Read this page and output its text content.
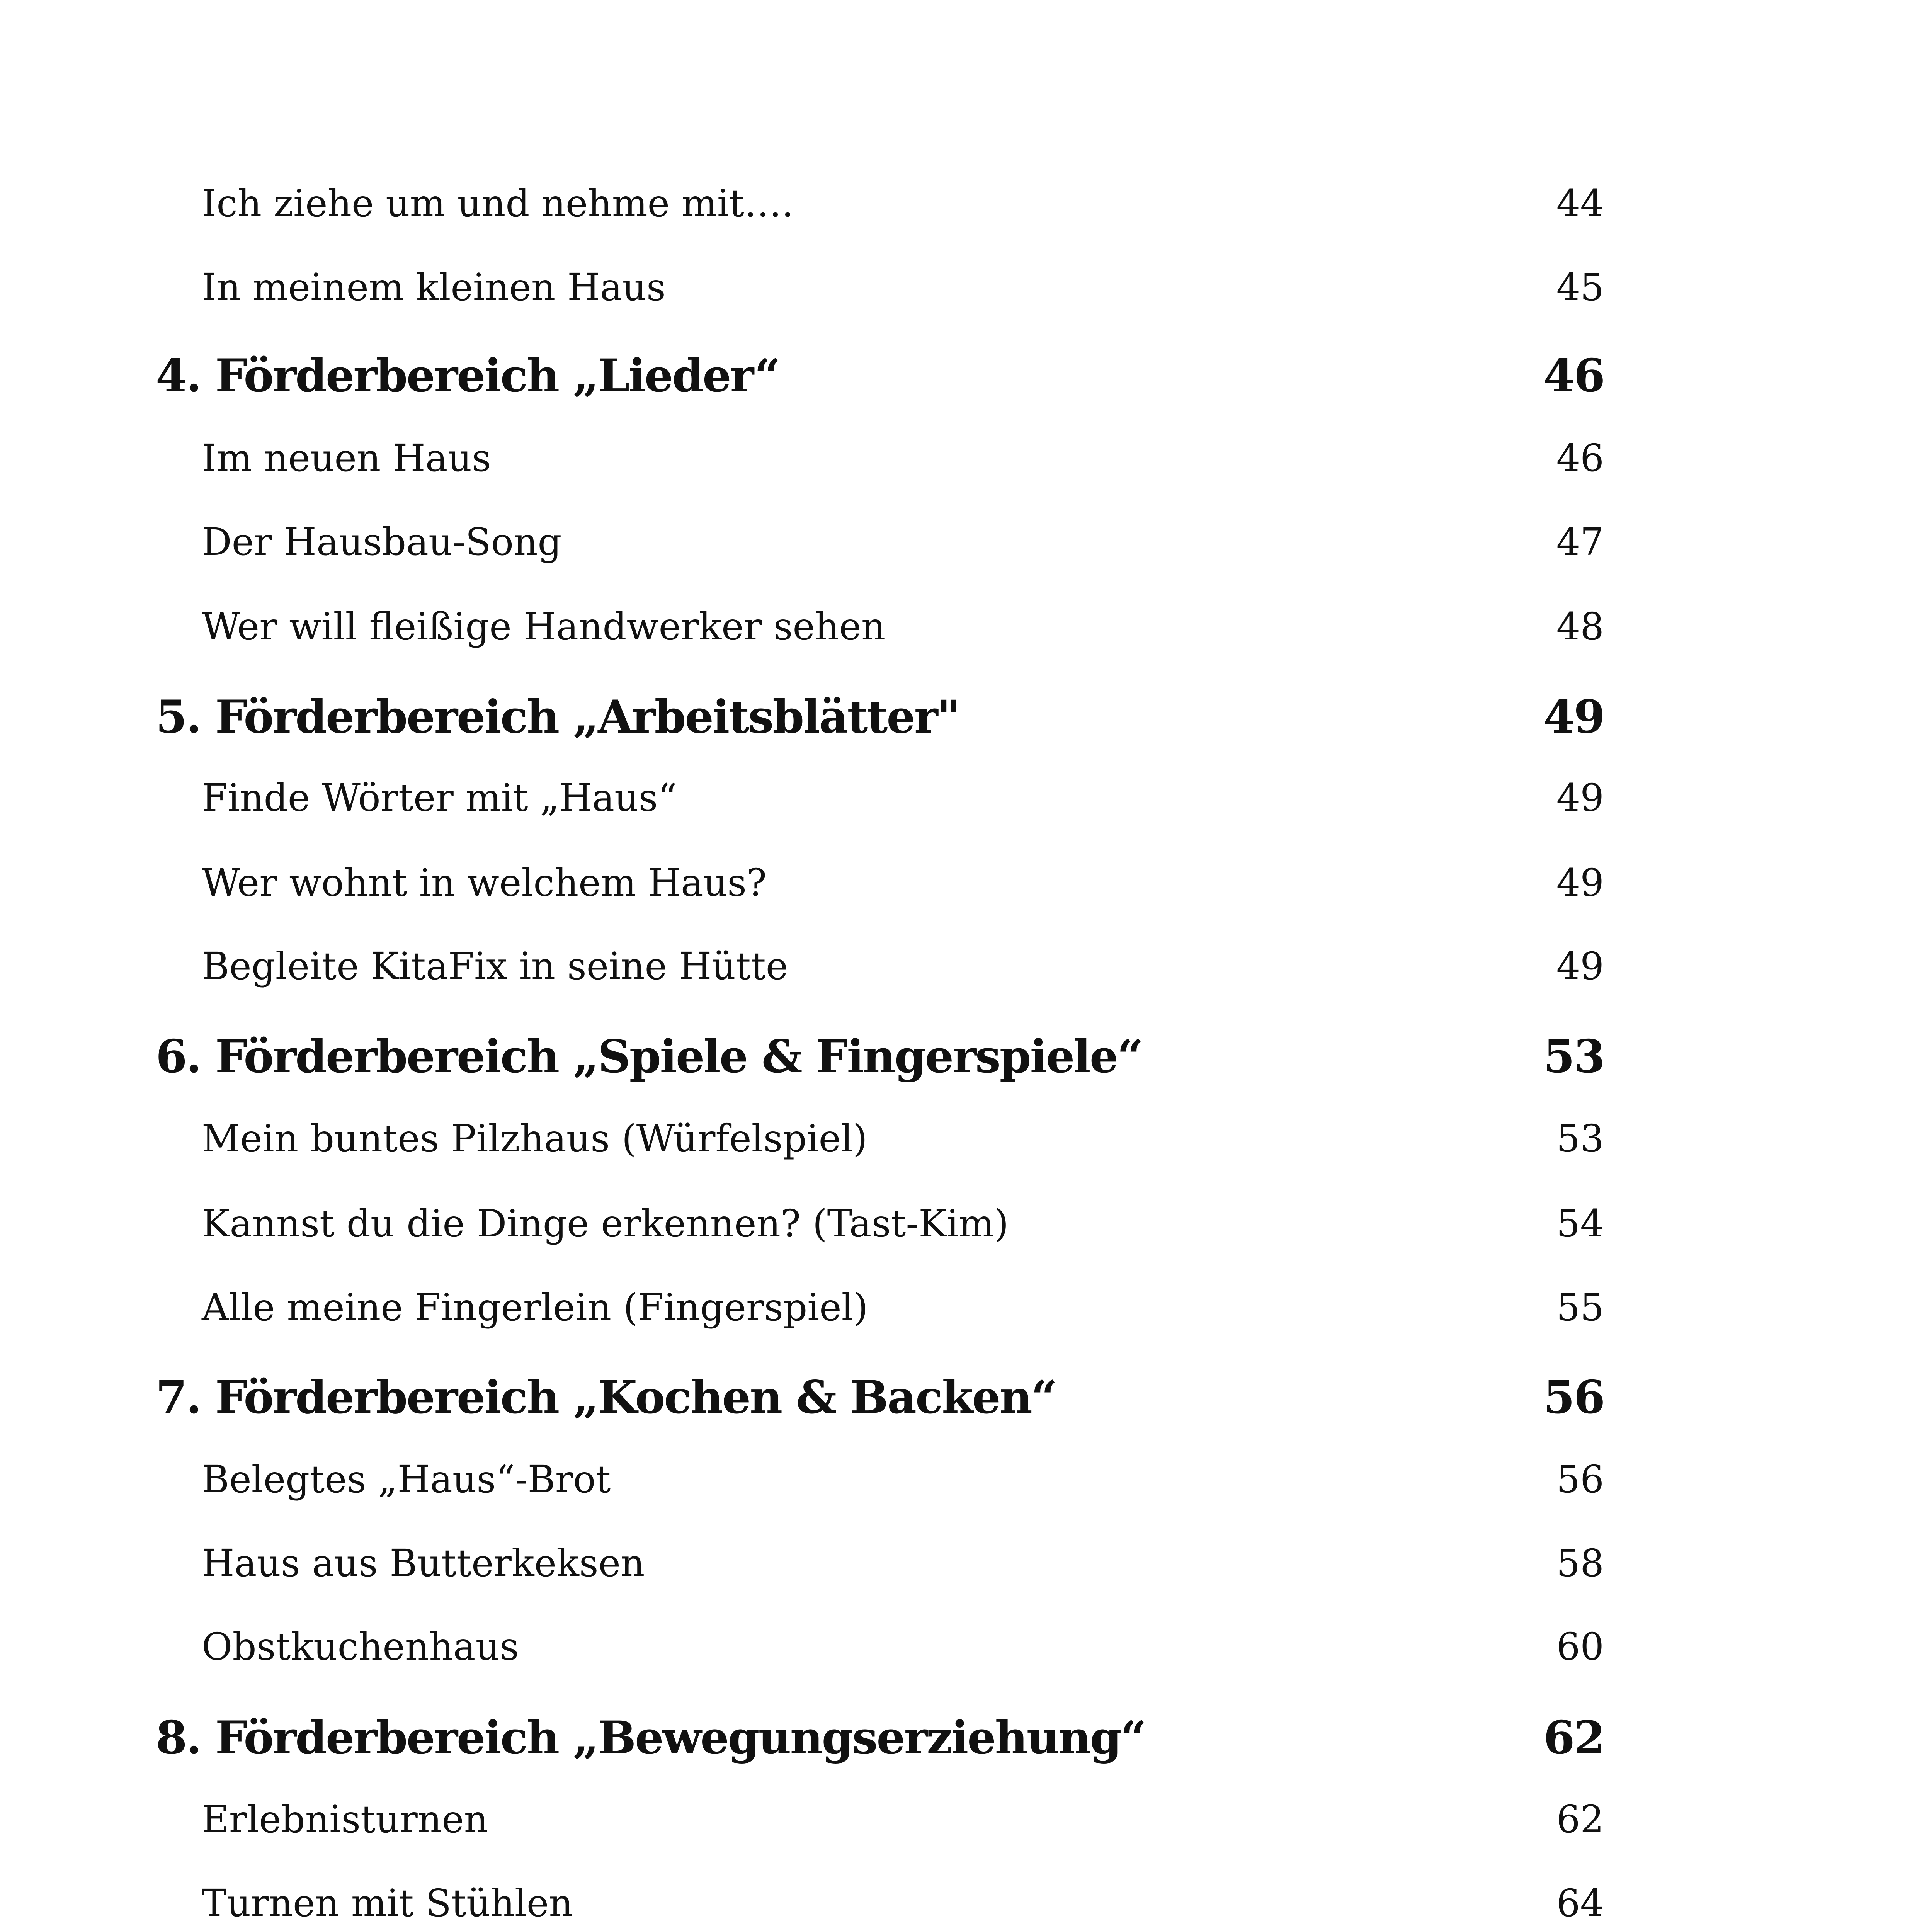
Ich ziehe um und nehme mit….	44
In meinem kleinen Haus	45
4. Förderbereich „Lieder“	46
Im neuen Haus	46
Der Hausbau-Song	47
Wer will fleißige Handwerker sehen	48
5. Förderbereich „Arbeitsblätter"	49
Finde Wörter mit „Haus“	49
Wer wohnt in welchem Haus?	49
Begleite KitaFix in seine Hütte	49
6. Förderbereich „Spiele & Fingerspiele“	53
Mein buntes Pilzhaus (Würfelspiel)	53
Kannst du die Dinge erkennen? (Tast-Kim)	54
Alle meine Fingerlein (Fingerspiel)	55
7. Förderbereich „Kochen & Backen“	56
Belegtes „Haus“-Brot	56
Haus aus Butterkeksen	58
Obstkuchenhaus	60
8. Förderbereich „Bewegungserziehung“	62
Erlebnisturnen	62
Turnen mit Stühlen	64
